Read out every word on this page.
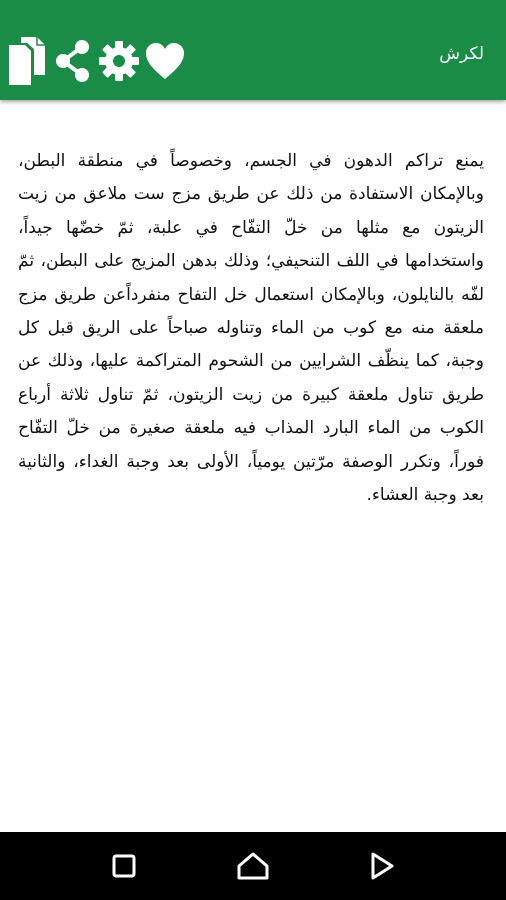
لكرش
يمنع تراكم الدهون في الجسم، وخصوصاً في منطقة البطن، وبالإمكان الاستفادة من ذلك عن طريق مزج ست ملاعق من زيت الزيتون مع مثلها من خلّ التفّاح في علبة، ثمّ خضّها جيداً، واستخدامها في اللف التنحيفي؛ وذلك بدهن المزيج على البطن، ثمّ لفّه بالنايلون، وبالإمكان استعمال خل التفاح منفرداًعن طريق مزج ملعقة منه مع كوب من الماء وتناوله صباحاً على الريق قبل كل وجبة، كما ينظّف الشرايين من الشحوم المتراكمة عليها، وذلك عن طريق تناول ملعقة كبيرة من زيت الزيتون، ثمّ تناول ثلاثة أرباع الكوب من الماء البارد المذاب فيه ملعقة صغيرة من خلّ التفّاح فوراً، وتكرر الوصفة مرّتين يومياً، الأولى بعد وجبة الغداء، والثانية بعد وجبة العشاء.
